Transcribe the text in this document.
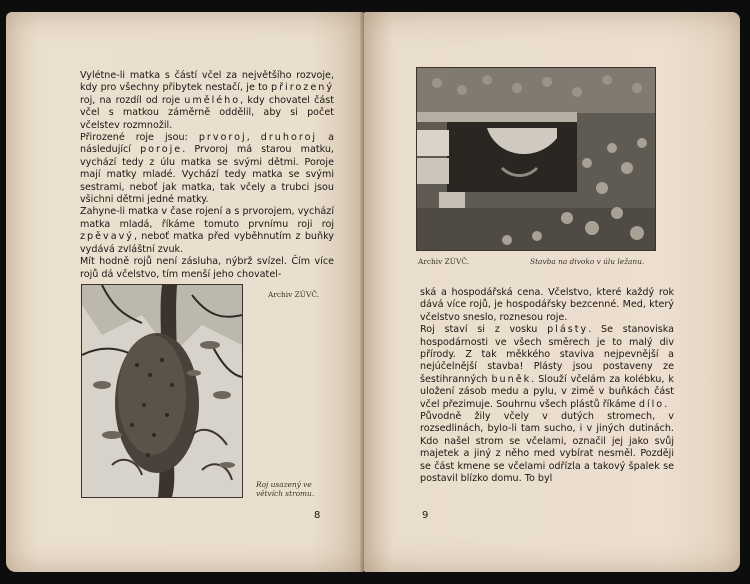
Vylétne-li matka s částí včel za největšího rozvoje, kdy pro všechny přibytek nestačí, je to přirozený roj, na rozdíl od roje umělého, kdy chovatel část včel s matkou záměrně oddělil, aby si počet včelstev rozmnožil.

Přirozené roje jsou: prvoroj, druhoroj a následující poroje. Prvoroj má starou matku, vychází tedy z úlu matka se svými dětmi. Poroje mají matky mladé. Vychází tedy matka se svými sestrami, neboť jak matka, tak včely a trubci jsou všichni dětmi jedné matky.

Zahyne-li matka v čase rojení a s prvorojem, vychází matka mladá, říkáme tomuto prvnímu roji roj zpěvavý, neboť matka před vyběhnutím z buňky vydává zvláštní zvuk.

Mít hodně rojů není zásluha, nýbrž svízel. Čím více rojů dá včelstvo, tím menší jeho chovatel-

Archiv ZÚVČ.
Roj usazený ve
větvích stromu.
8
Archiv ZÚVČ.	Stavba na divoko v úlu ležanu.

ská a hospodářská cena. Včelstvo, které každý rok dává více rojů, je hospodářsky bezcenné. Med, který včelstvo sneslo, roznesou roje.

Roj staví si z vosku plásty. Se stanoviska hospodárnosti ve všech směrech je to malý div přírody. Z tak měkkého staviva nejpevnější a nejúčelnější stavba! Plásty jsou postaveny ze šestihranných buněk. Slouží včelám za kolébku, k uložení zásob medu a pylu, v zimě v buňkách část včel přezimuje. Souhrnu všech plástů říkáme dílo.

Původně žily včely v dutých stromech, v rozsedlinách, bylo-li tam sucho, i v jiných dutinách. Kdo našel strom se včelami, označil jej jako svůj majetek a jiný z něho med vybírat nesměl. Později se část kmene se včelami odřízla a takový špalek se postavil blízko domu. To byl

9
